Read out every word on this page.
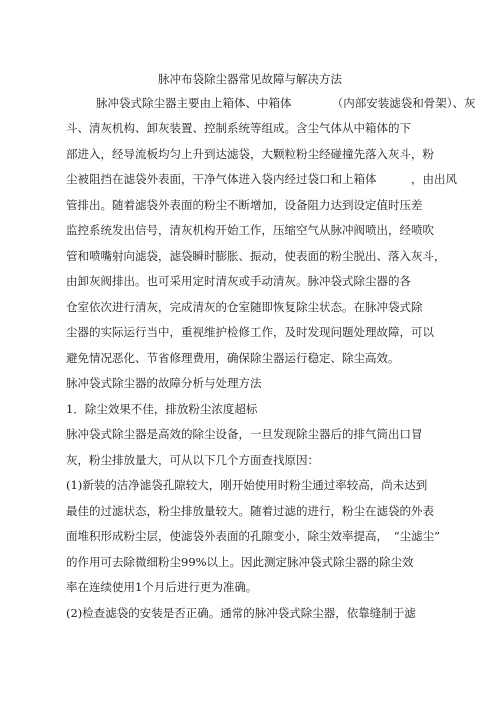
脉冲布袋除尘器常见故障与解决方法
脉冲袋式除尘器主要由上箱体、中箱体　　　　（内部安装滤袋和骨架）、灰
斗、清灰机构、卸灰装置、控制系统等组成。含尘气体从中箱体的下
部进入，经导流板均匀上升到达滤袋，大颗粒粉尘经碰撞先落入灰斗，粉
尘被阻挡在滤袋外表面，干净气体进入袋内经过袋口和上箱体　　　，由出风
管排出。随着滤袋外表面的粉尘不断增加，设备阻力达到设定值时压差
监控系统发出信号，清灰机构开始工作，压缩空气从脉冲阀喷出，经喷吹
管和喷嘴射向滤袋，滤袋瞬时膨胀、振动，使表面的粉尘脱出、落入灰斗，
由卸灰阀排出。也可采用定时清灰或手动清灰。脉冲袋式除尘器的各
仓室依次进行清灰，完成清灰的仓室随即恢复除尘状态。在脉冲袋式除
尘器的实际运行当中，重视维护检修工作，及时发现问题处理故障，可以
避免情况恶化、节省修理费用，确保除尘器运行稳定、除尘高效。
脉冲袋式除尘器的故障分析与处理方法
1．除尘效果不佳，排放粉尘浓度超标
脉冲袋式除尘器是高效的除尘设备，一旦发现除尘器后的排气筒出口冒
灰，粉尘排放量大，可从以下几个方面查找原因：
(1)新装的洁净滤袋孔隙较大，刚开始使用时粉尘通过率较高，尚未达到
最佳的过滤状态，粉尘排放量较大。随着过滤的进行，粉尘在滤袋的外表
面堆积形成粉尘层，使滤袋外表面的孔隙变小，除尘效率提高，　“尘滤尘”
的作用可去除微细粉尘99%以上。因此测定脉冲袋式除尘器的除尘效
率在连续使用1个月后进行更为准确。
(2)检查滤袋的安装是否正确。通常的脉冲袋式除尘器，依靠缝制于滤
